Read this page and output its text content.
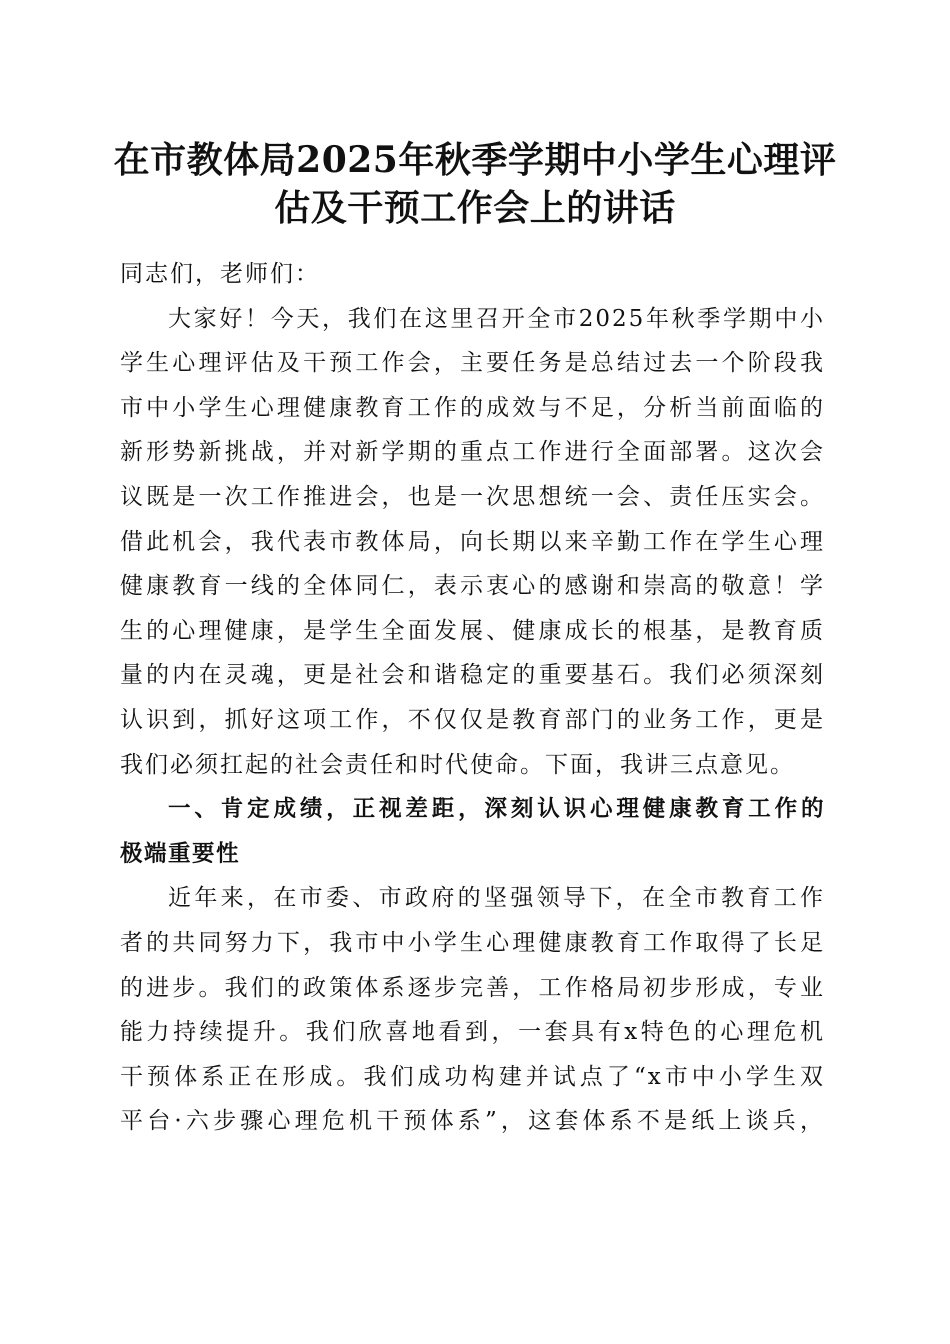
在市教体局2025年秋季学期中小学生心理评
估及干预工作会上的讲话
同志们，老师们：
大家好！今天，我们在这里召开全市2025年秋季学期中小
学生心理评估及干预工作会，主要任务是总结过去一个阶段我
市中小学生心理健康教育工作的成效与不足，分析当前面临的
新形势新挑战，并对新学期的重点工作进行全面部署。这次会
议既是一次工作推进会，也是一次思想统一会、责任压实会。
借此机会，我代表市教体局，向长期以来辛勤工作在学生心理
健康教育一线的全体同仁，表示衷心的感谢和崇高的敬意！学
生的心理健康，是学生全面发展、健康成长的根基，是教育质
量的内在灵魂，更是社会和谐稳定的重要基石。我们必须深刻
认识到，抓好这项工作，不仅仅是教育部门的业务工作，更是
我们必须扛起的社会责任和时代使命。下面，我讲三点意见。
一、肯定成绩，正视差距，深刻认识心理健康教育工作的
极端重要性
近年来，在市委、市政府的坚强领导下，在全市教育工作
者的共同努力下，我市中小学生心理健康教育工作取得了长足
的进步。我们的政策体系逐步完善，工作格局初步形成，专业
能力持续提升。我们欣喜地看到，一套具有x特色的心理危机
干预体系正在形成。我们成功构建并试点了“x市中小学生双
平台·六步骤心理危机干预体系”，这套体系不是纸上谈兵，
